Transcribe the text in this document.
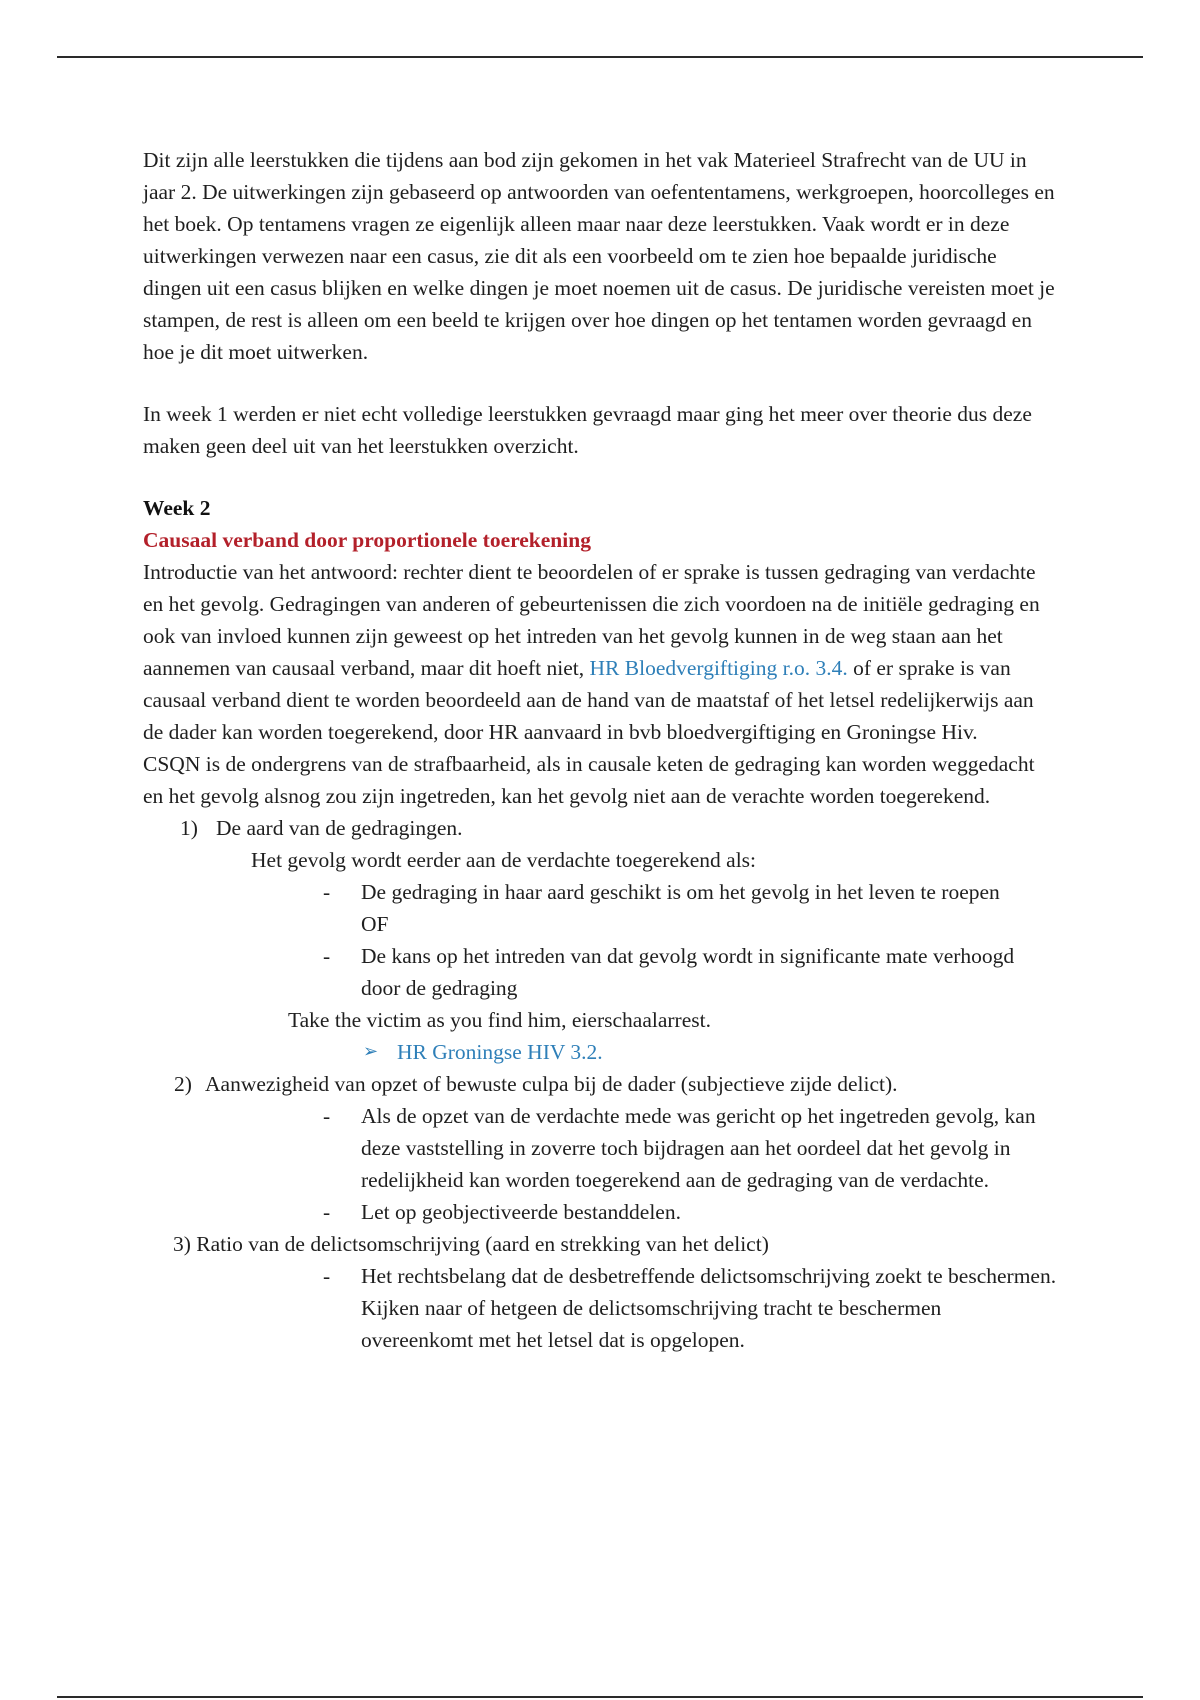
Dit zijn alle leerstukken die tijdens aan bod zijn gekomen in het vak Materieel Strafrecht van de UU in jaar 2. De uitwerkingen zijn gebaseerd op antwoorden van oefententamens, werkgroepen, hoorcolleges en het boek. Op tentamens vragen ze eigenlijk alleen maar naar deze leerstukken. Vaak wordt er in deze uitwerkingen verwezen naar een casus, zie dit als een voorbeeld om te zien hoe bepaalde juridische dingen uit een casus blijken en welke dingen je moet noemen uit de casus. De juridische vereisten moet je stampen, de rest is alleen om een beeld te krijgen over hoe dingen op het tentamen worden gevraagd en hoe je dit moet uitwerken.

In week 1 werden er niet echt volledige leerstukken gevraagd maar ging het meer over theorie dus deze maken geen deel uit van het leerstukken overzicht.

Week 2

Causaal verband door proportionele toerekening

Introductie van het antwoord: rechter dient te beoordelen of er sprake is tussen gedraging van verdachte en het gevolg. Gedragingen van anderen of gebeurtenissen die zich voordoen na de initiële gedraging en ook van invloed kunnen zijn geweest op het intreden van het gevolg kunnen in de weg staan aan het aannemen van causaal verband, maar dit hoeft niet, HR Bloedvergiftiging r.o. 3.4. of er sprake is van causaal verband dient te worden beoordeeld aan de hand van de maatstaf of het letsel redelijkerwijs aan de dader kan worden toegerekend, door HR aanvaard in bvb bloedvergiftiging en Groningse Hiv.

CSQN is de ondergrens van de strafbaarheid, als in causale keten de gedraging kan worden weggedacht en het gevolg alsnog zou zijn ingetreden, kan het gevolg niet aan de verachte worden toegerekend.

1) De aard van de gedragingen.

Het gevolg wordt eerder aan de verdachte toegerekend als:

- De gedraging in haar aard geschikt is om het gevolg in het leven te roepen

OF

- De kans op het intreden van dat gevolg wordt in significante mate verhoogd door de gedraging

Take the victim as you find him, eierschaalarrest.

➢ HR Groningse HIV 3.2.

2) Aanwezigheid van opzet of bewuste culpa bij de dader (subjectieve zijde delict).

- Als de opzet van de verdachte mede was gericht op het ingetreden gevolg, kan deze vaststelling in zoverre toch bijdragen aan het oordeel dat het gevolg in redelijkheid kan worden toegerekend aan de gedraging van de verdachte.

- Let op geobjectiveerde bestanddelen.

3) Ratio van de delictsomschrijving (aard en strekking van het delict)

- Het rechtsbelang dat de desbetreffende delictsomschrijving zoekt te beschermen. Kijken naar of hetgeen de delictsomschrijving tracht te beschermen overeenkomt met het letsel dat is opgelopen.
